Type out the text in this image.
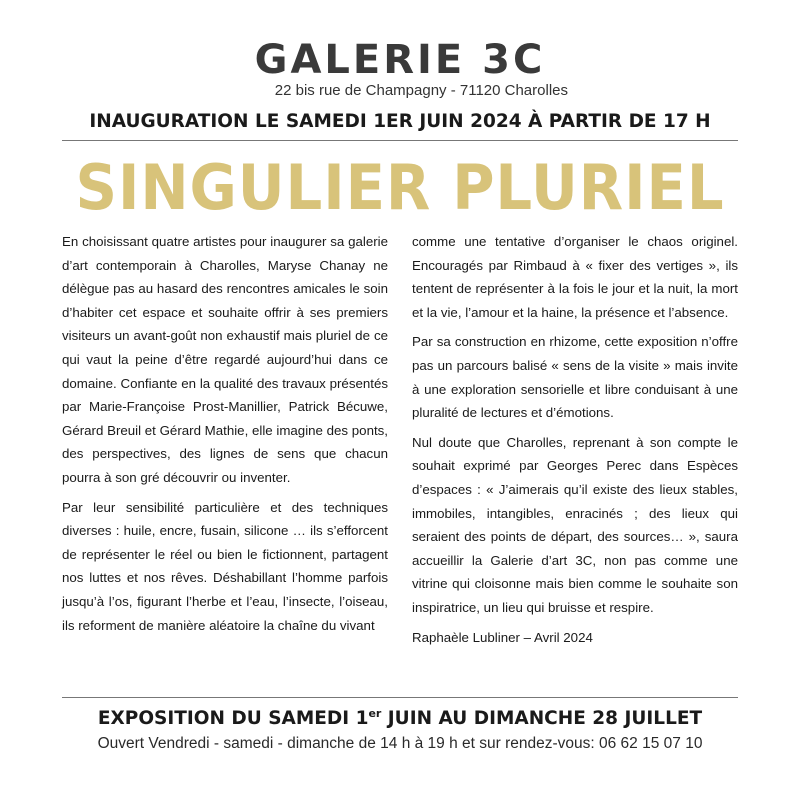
GALERIE 3C
22 bis rue de Champagny - 71120 Charolles
INAUGURATION LE SAMEDI 1ER JUIN 2024 À PARTIR DE 17 H
SINGULIER PLURIEL

En choisissant quatre artistes pour inaugurer sa galerie d’art contemporain à Charolles, Maryse Chanay ne délègue pas au hasard des rencontres amicales le soin d’habiter cet espace et souhaite offrir à ses premiers visiteurs un avant-goût non exhaustif mais pluriel de ce qui vaut la peine d’être regardé aujourd’hui dans ce domaine. Confiante en la qualité des travaux présentés par Marie-Françoise Prost-Manillier, Patrick Bécuwe, Gérard Breuil et Gérard Mathie, elle imagine des ponts, des perspectives, des lignes de sens que chacun pourra à son gré découvrir ou inventer.

Par leur sensibilité particulière et des techniques diverses : huile, encre, fusain, silicone … ils s’efforcent de représenter le réel ou bien le fictionnent, partagent nos luttes et nos rêves. Déshabillant l’homme parfois jusqu’à l’os, figurant l’herbe et l’eau, l’insecte, l’oiseau, ils reforment de manière aléatoire la chaîne du vivant

comme une tentative d’organiser le chaos originel. Encouragés par Rimbaud à « fixer des vertiges », ils tentent de représenter à la fois le jour et la nuit, la mort et la vie, l’amour et la haine, la présence et l’absence.

Par sa construction en rhizome, cette exposition n’offre pas un parcours balisé « sens de la visite » mais invite à une exploration sensorielle et libre conduisant à une pluralité de lectures et d’émotions.

Nul doute que Charolles, reprenant à son compte le souhait exprimé par Georges Perec dans Espèces d’espaces : « J’aimerais qu’il existe des lieux stables, immobiles, intangibles, enracinés ; des lieux qui seraient des points de départ, des sources… », saura accueillir la Galerie d’art 3C, non pas comme une vitrine qui cloisonne mais bien comme le souhaite son inspiratrice, un lieu qui bruisse et respire.

Raphaèle Lubliner – Avril 2024

EXPOSITION DU SAMEDI 1er JUIN AU DIMANCHE 28 JUILLET
Ouvert Vendredi - samedi - dimanche de 14 h à 19 h et sur rendez-vous: 06 62 15 07 10
